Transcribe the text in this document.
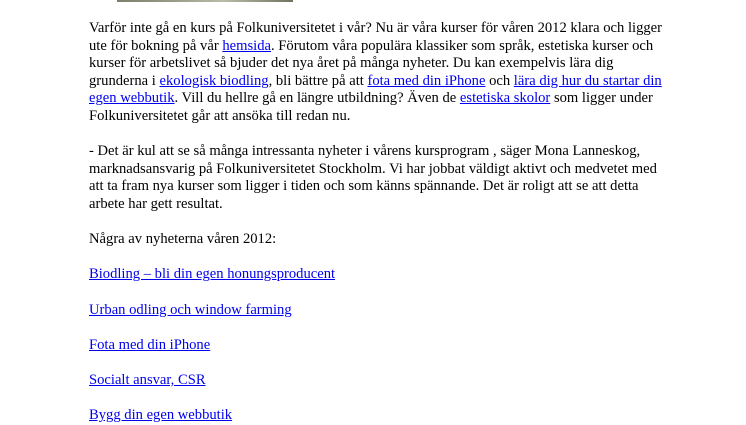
Varför inte gå en kurs på Folkuniversitetet i vår? Nu är våra kurser för våren 2012 klara och ligger ute för bokning på vår hemsida. Förutom våra populära klassiker som språk, estetiska kurser och kurser för arbetslivet så bjuder det nya året på många nyheter. Du kan exempelvis lära dig grunderna i ekologisk biodling, bli bättre på att fota med din iPhone och lära dig hur du startar din egen webbutik. Vill du hellre gå en längre utbildning? Även de estetiska skolor som ligger under Folkuniversitetet går att ansöka till redan nu.

- Det är kul att se så många intressanta nyheter i vårens kursprogram , säger Mona Lanneskog, marknadsansvarig på Folkuniversitetet Stockholm. Vi har jobbat väldigt aktivt och medvetet med att ta fram nya kurser som ligger i tiden och som känns spännande. Det är roligt att se att detta arbete har gett resultat.

Några av nyheterna våren 2012:

Biodling – bli din egen honungsproducent

Urban odling och window farming

Fota med din iPhone

Socialt ansvar, CSR

Bygg din egen webbutik
